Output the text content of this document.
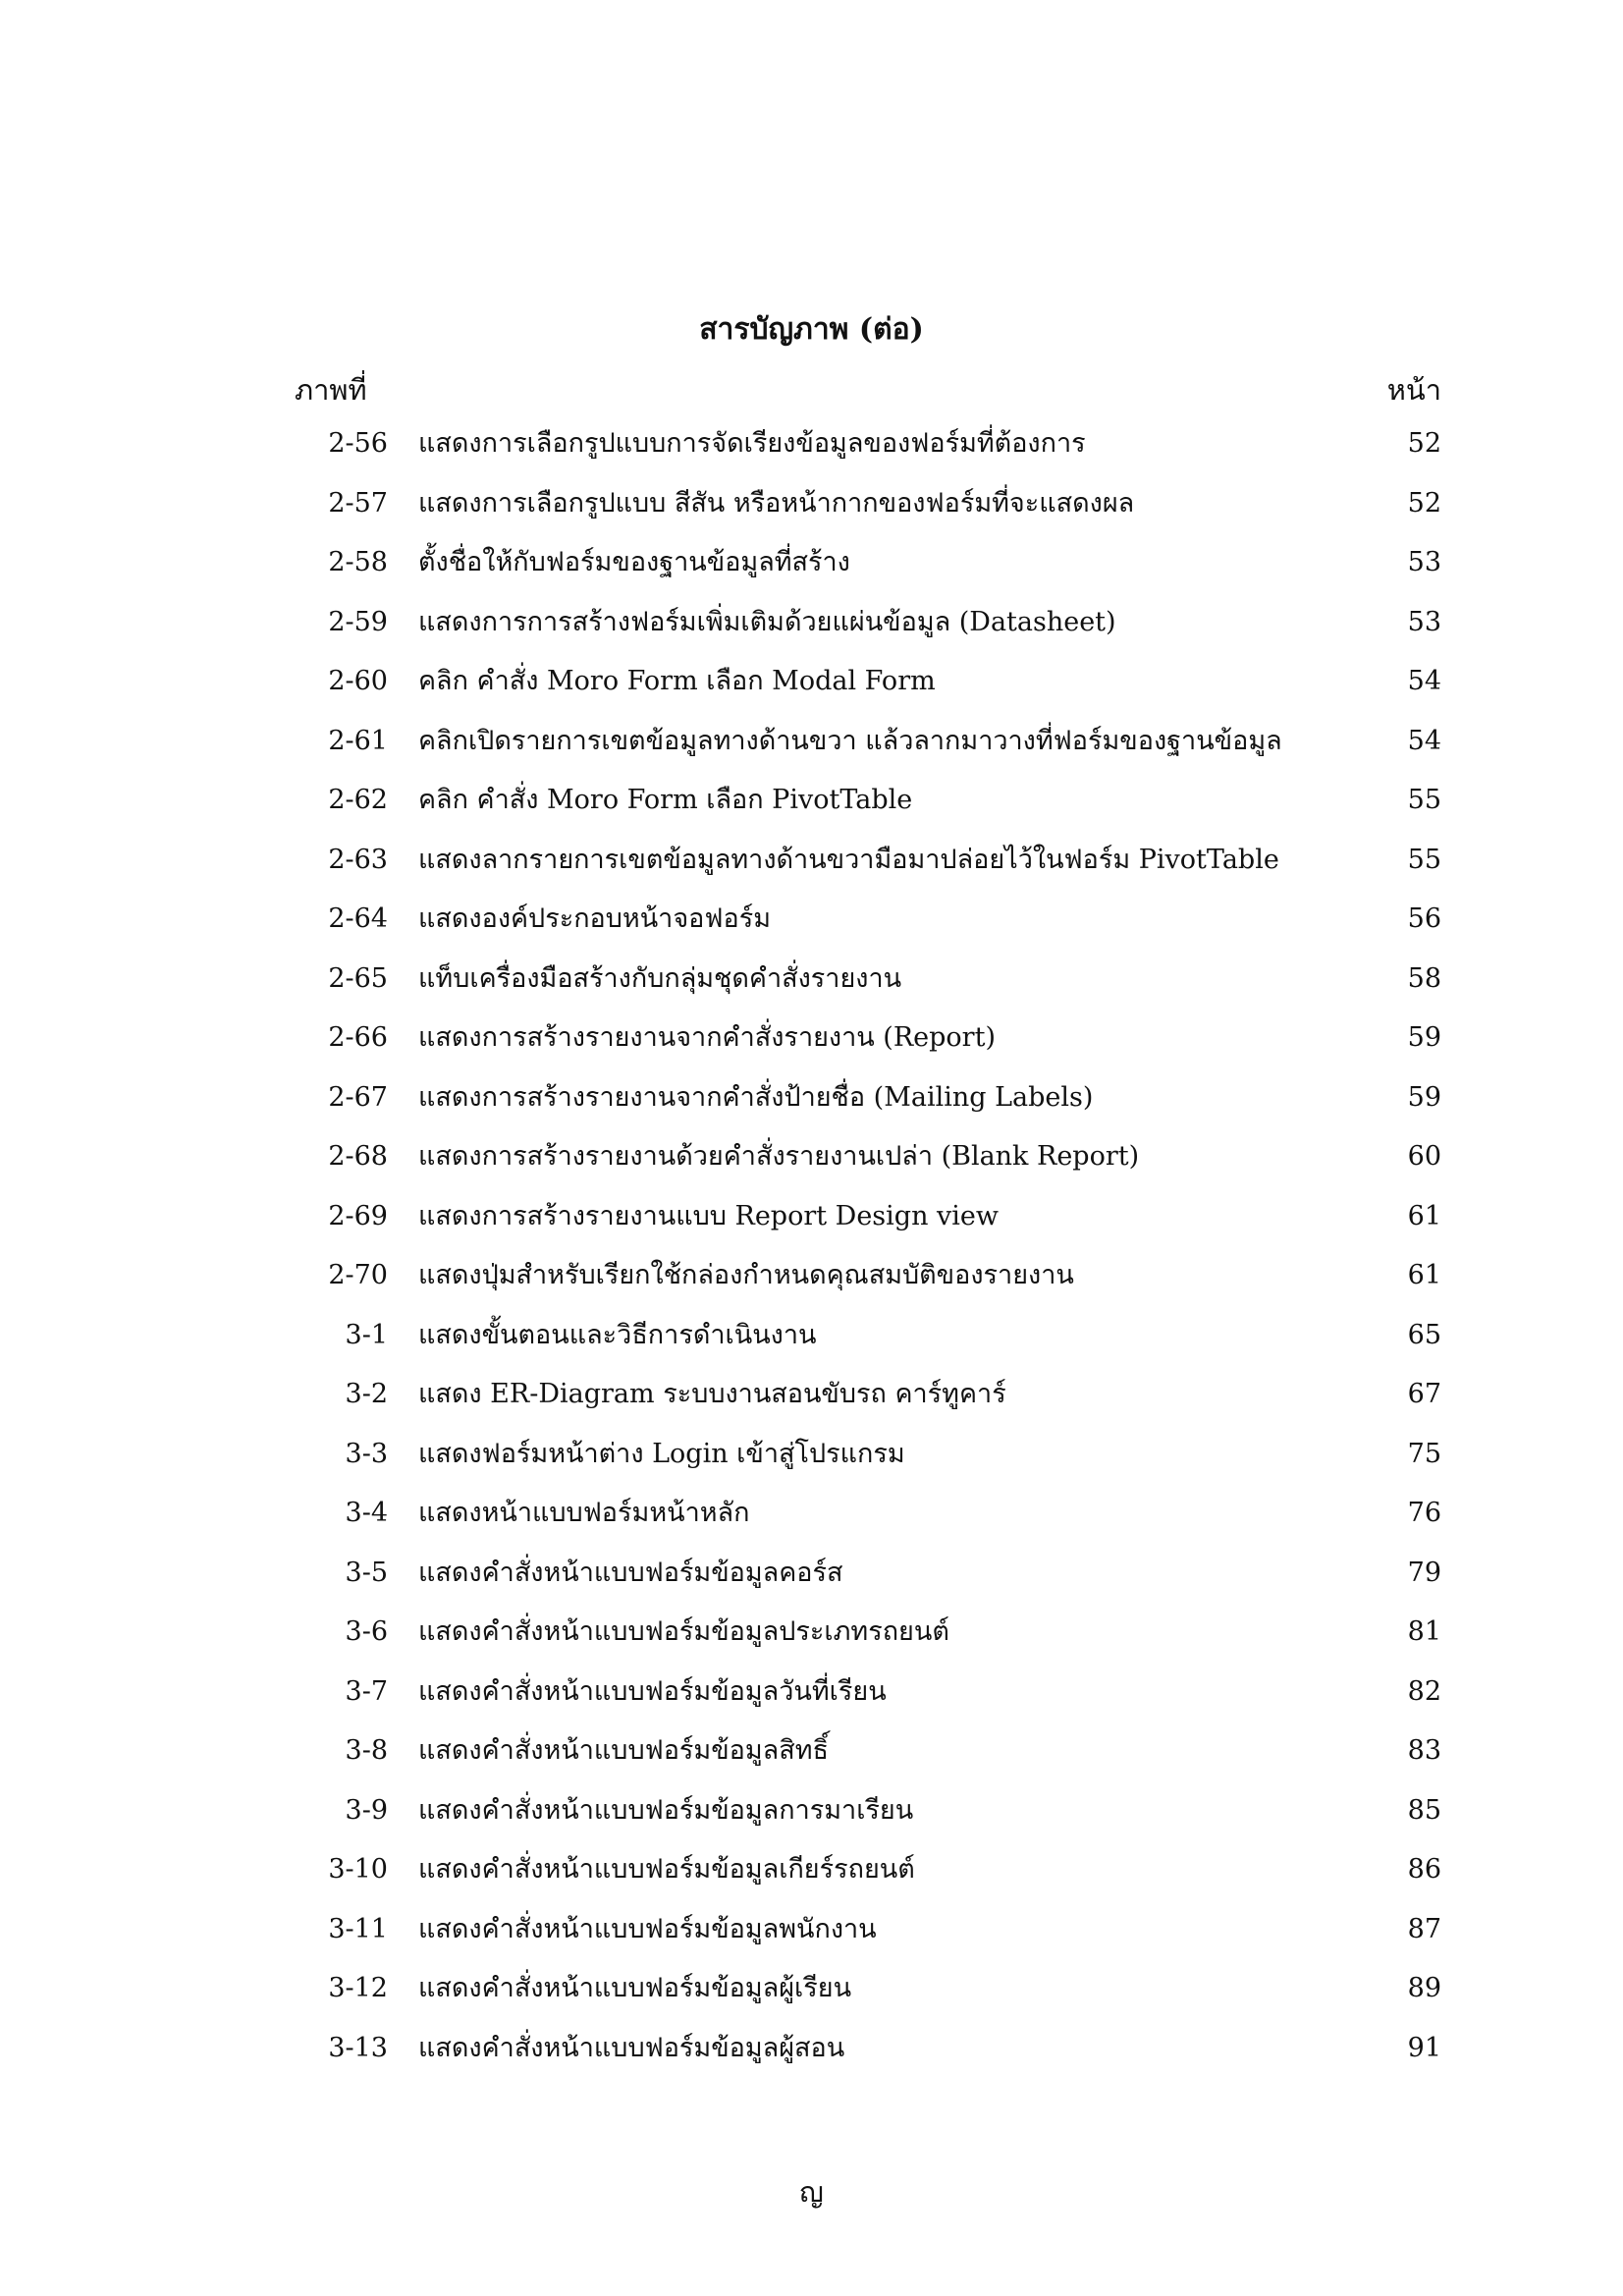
สารบัญภาพ (ต่อ)
ภาพที่	หน้า
2-56 แสดงการเลือกรูปแบบการจัดเรียงข้อมูลของฟอร์มที่ต้องการ	52
2-57 แสดงการเลือกรูปแบบ สีสัน หรือหน้ากากของฟอร์มที่จะแสดงผล	52
2-58 ตั้งชื่อให้กับฟอร์มของฐานข้อมูลที่สร้าง	53
2-59 แสดงการการสร้างฟอร์มเพิ่มเติมด้วยแผ่นข้อมูล (Datasheet)	53
2-60 คลิก คำสั่ง Moro Form เลือก Modal Form	54
2-61 คลิกเปิดรายการเขตข้อมูลทางด้านขวา แล้วลากมาวางที่ฟอร์มของฐานข้อมูล	54
2-62 คลิก คำสั่ง Moro Form เลือก PivotTable	55
2-63 แสดงลากรายการเขตข้อมูลทางด้านขวามือมาปล่อยไว้ในฟอร์ม PivotTable	55
2-64 แสดงองค์ประกอบหน้าจอฟอร์ม	56
2-65 แท็บเครื่องมือสร้างกับกลุ่มชุดคำสั่งรายงาน	58
2-66 แสดงการสร้างรายงานจากคำสั่งรายงาน (Report)	59
2-67 แสดงการสร้างรายงานจากคำสั่งป้ายชื่อ (Mailing Labels)	59
2-68 แสดงการสร้างรายงานด้วยคำสั่งรายงานเปล่า (Blank Report)	60
2-69 แสดงการสร้างรายงานแบบ Report Design view	61
2-70 แสดงปุ่มสำหรับเรียกใช้กล่องกำหนดคุณสมบัติของรายงาน	61
3-1 แสดงขั้นตอนและวิธีการดำเนินงาน	65
3-2 แสดง ER-Diagram ระบบงานสอนขับรถ คาร์ทูคาร์	67
3-3 แสดงฟอร์มหน้าต่าง Login เข้าสู่โปรแกรม	75
3-4 แสดงหน้าแบบฟอร์มหน้าหลัก	76
3-5 แสดงคำสั่งหน้าแบบฟอร์มข้อมูลคอร์ส	79
3-6 แสดงคำสั่งหน้าแบบฟอร์มข้อมูลประเภทรถยนต์	81
3-7 แสดงคำสั่งหน้าแบบฟอร์มข้อมูลวันที่เรียน	82
3-8 แสดงคำสั่งหน้าแบบฟอร์มข้อมูลสิทธิ์	83
3-9 แสดงคำสั่งหน้าแบบฟอร์มข้อมูลการมาเรียน	85
3-10 แสดงคำสั่งหน้าแบบฟอร์มข้อมูลเกียร์รถยนต์	86
3-11 แสดงคำสั่งหน้าแบบฟอร์มข้อมูลพนักงาน	87
3-12 แสดงคำสั่งหน้าแบบฟอร์มข้อมูลผู้เรียน	89
3-13 แสดงคำสั่งหน้าแบบฟอร์มข้อมูลผู้สอน	91
ญ
